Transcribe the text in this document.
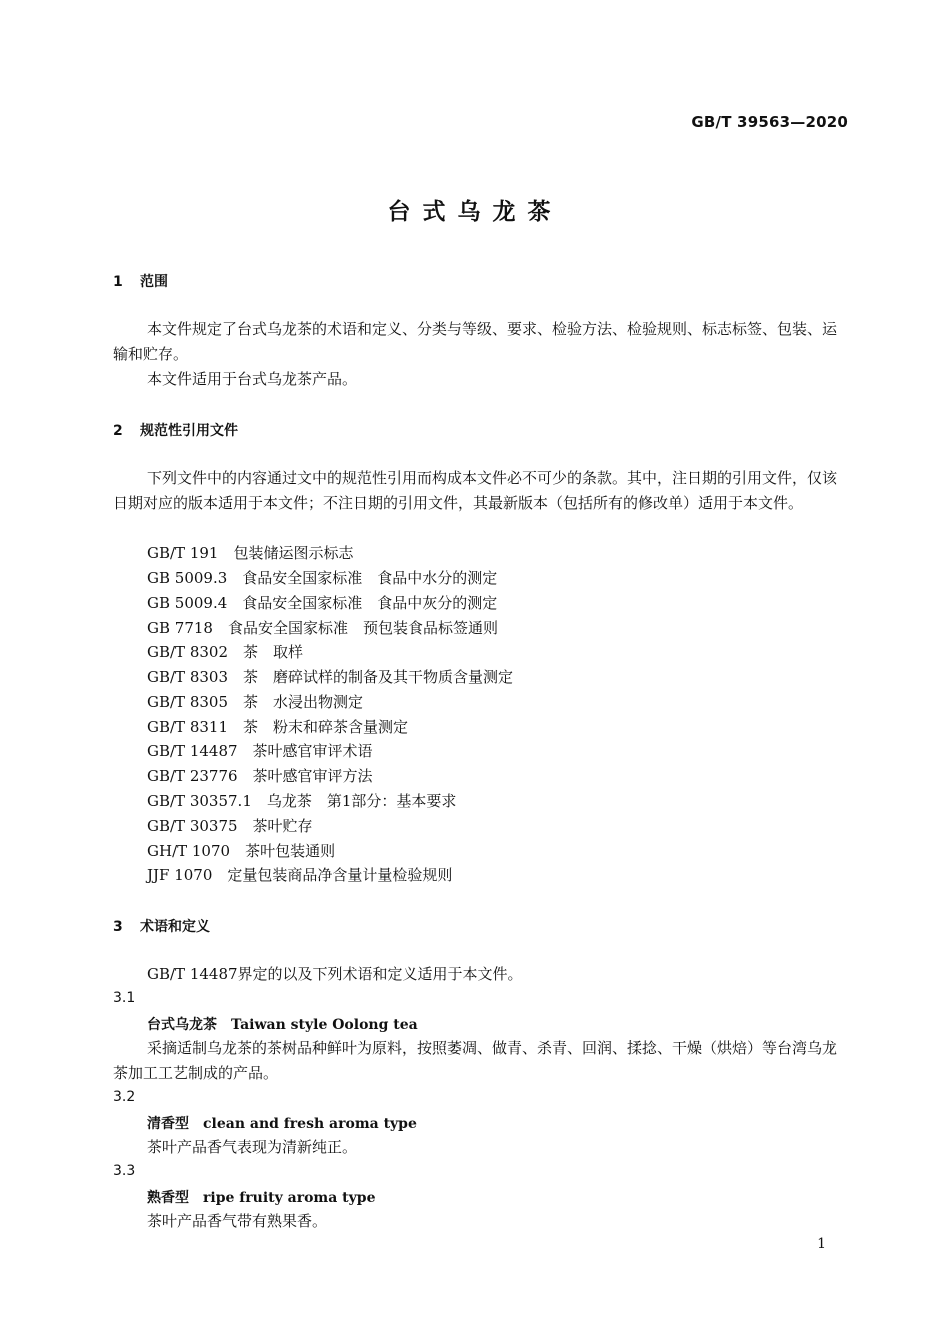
GB/T 39563—2020
台式乌龙茶
1 范围
本文件规定了台式乌龙茶的术语和定义、分类与等级、要求、检验方法、检验规则、标志标签、包装、运输和贮存。
本文件适用于台式乌龙茶产品。
2 规范性引用文件
下列文件中的内容通过文中的规范性引用而构成本文件必不可少的条款。其中，注日期的引用文件，仅该日期对应的版本适用于本文件；不注日期的引用文件，其最新版本（包括所有的修改单）适用于本文件。
GB/T 191　包装储运图示标志
GB 5009.3　食品安全国家标准　食品中水分的测定
GB 5009.4　食品安全国家标准　食品中灰分的测定
GB 7718　食品安全国家标准　预包装食品标签通则
GB/T 8302　茶　取样
GB/T 8303　茶　磨碎试样的制备及其干物质含量测定
GB/T 8305　茶　水浸出物测定
GB/T 8311　茶　粉末和碎茶含量测定
GB/T 14487　茶叶感官审评术语
GB/T 23776　茶叶感官审评方法
GB/T 30357.1　乌龙茶　第1部分：基本要求
GB/T 30375　茶叶贮存
GH/T 1070　茶叶包装通则
JJF 1070　定量包装商品净含量计量检验规则
3 术语和定义
GB/T 14487界定的以及下列术语和定义适用于本文件。
3.1
台式乌龙茶 Taiwan style Oolong tea
采摘适制乌龙茶的茶树品种鲜叶为原料，按照萎凋、做青、杀青、回润、揉捻、干燥（烘焙）等台湾乌龙茶加工工艺制成的产品。
3.2
清香型 clean and fresh aroma type
茶叶产品香气表现为清新纯正。
3.3
熟香型 ripe fruity aroma type
茶叶产品香气带有熟果香。
1
